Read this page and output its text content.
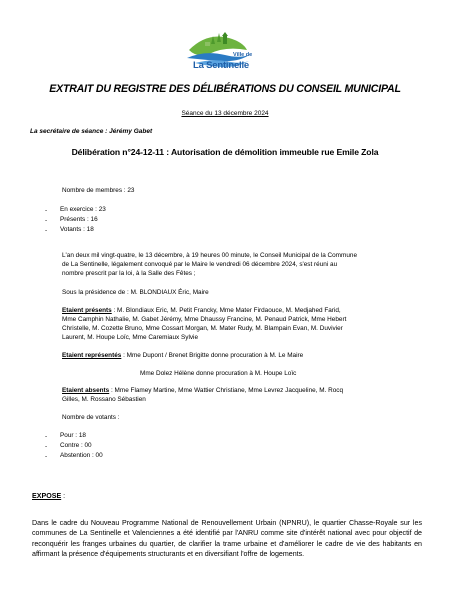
Ville de
La Sentinelle
EXTRAIT DU REGISTRE DES DÉLIBÉRATIONS DU CONSEIL MUNICIPAL
Séance du 13 décembre 2024
La secrétaire de séance : Jérémy Gabet
Délibération n°24-12-11 : Autorisation de démolition immeuble rue Emile Zola
Nombre de membres : 23
- En exercice : 23
- Présents : 16
- Votants : 18
L'an deux mil vingt-quatre, le 13 décembre, à 19 heures 00 minute, le Conseil Municipal de la Commune
de La Sentinelle, légalement convoqué par le Maire le vendredi 06 décembre 2024, s'est réuni au
nombre prescrit par la loi, à la Salle des Fêtes ;
Sous la présidence de : M. BLONDIAUX Éric, Maire
Etaient présents : M. Blondiaux Eric, M. Petit Francky, Mme Mater Firdaouce, M. Medjahed Farid,
Mme Camphin Nathalie, M. Gabet Jérémy, Mme Dhaussy Francine, M. Penaud Patrick, Mme Hebert
Christelle, M. Cozette Bruno, Mme Cossart Morgan, M. Mater Rudy, M. Blampain Evan, M. Duvivier
Laurent, M. Houpe Loïc, Mme Caremiaux Sylvie
Etaient représentés : Mme Dupont / Brenet Brigitte donne procuration à M. Le Maire
Mme Dolez Hélène donne procuration à M. Houpe Loïc
Etaient absents : Mme Flamey Martine, Mme Wattier Christiane, Mme Levrez Jacqueline, M. Rocq
Gilles, M. Rossano Sébastien
Nombre de votants :
- Pour : 18
- Contre : 00
- Abstention : 00
EXPOSE :
Dans le cadre du Nouveau Programme National de Renouvellement Urbain (NPNRU), le quartier Chasse-Royale sur les communes de La Sentinelle et Valenciennes a été identifié par l'ANRU comme site d'intérêt national avec pour objectif de reconquérir les franges urbaines du quartier, de clarifier la trame urbaine et d'améliorer le cadre de vie des habitants en affirmant la présence d'équipements structurants et en diversifiant l'offre de logements.
